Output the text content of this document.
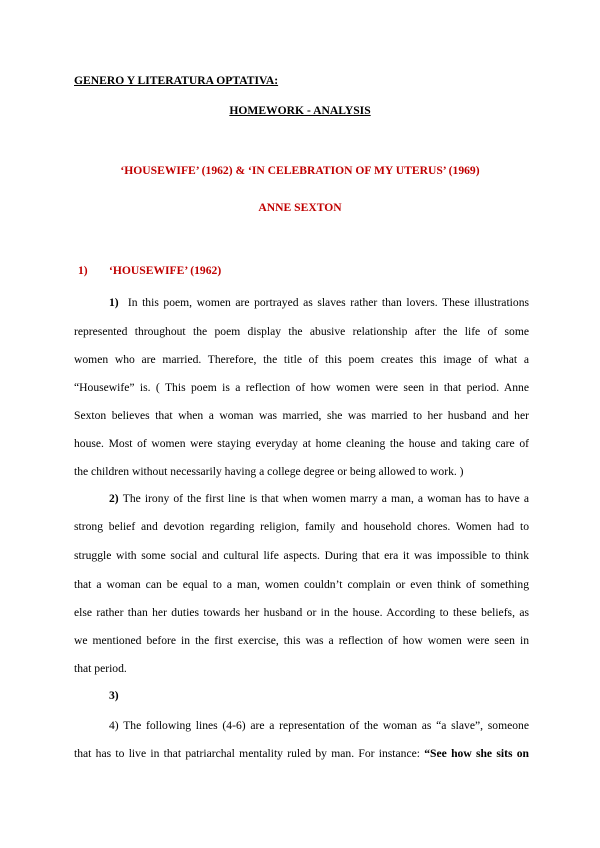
GENERO Y LITERATURA OPTATIVA:
HOMEWORK - ANALYSIS
‘HOUSEWIFE’ (1962) & ‘IN CELEBRATION OF MY UTERUS’ (1969)
ANNE SEXTON
1) ‘HOUSEWIFE’ (1962)
1) In this poem, women are portrayed as slaves rather than lovers. These illustrations
represented throughout the poem display the abusive relationship after the life of some
women who are married. Therefore, the title of this poem creates this image of what a
“Housewife” is. ( This poem is a reflection of how women were seen in that period. Anne
Sexton believes that when a woman was married, she was married to her husband and her
house. Most of women were staying everyday at home cleaning the house and taking care of
the children without necessarily having a college degree or being allowed to work. )
2) The irony of the first line is that when women marry a man, a woman has to have a
strong belief and devotion regarding religion, family and household chores. Women had to
struggle with some social and cultural life aspects. During that era it was impossible to think
that a woman can be equal to a man, women couldn’t complain or even think of something
else rather than her duties towards her husband or in the house. According to these beliefs, as
we mentioned before in the first exercise, this was a reflection of how women were seen in
that period.
3)
4) The following lines (4-6) are a representation of the woman as “a slave”, someone
that has to live in that patriarchal mentality ruled by man. For instance: “See how she sits on
